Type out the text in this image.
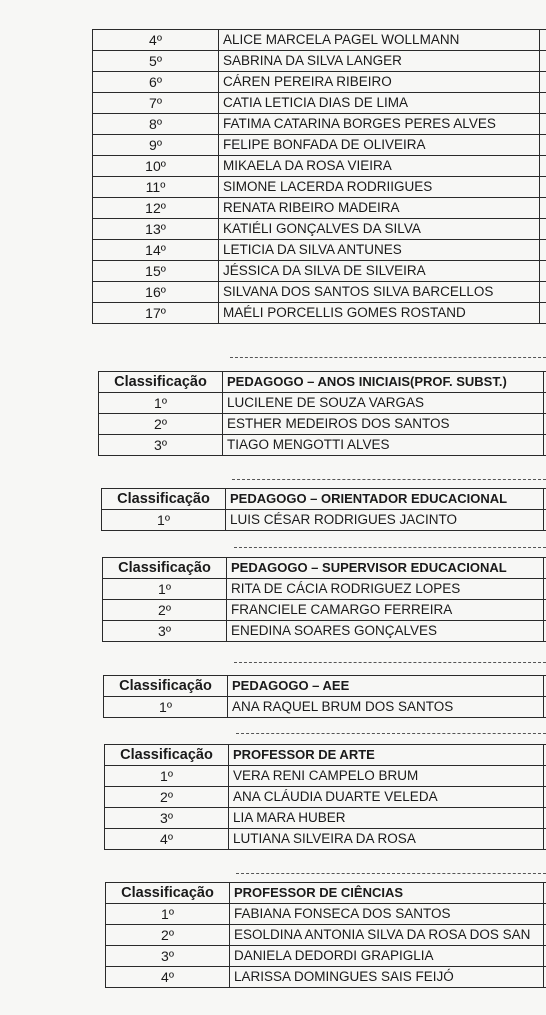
4º	ALICE MARCELA PAGEL WOLLMANN	
5º	SABRINA DA SILVA LANGER	
6º	CÁREN PEREIRA RIBEIRO	
7º	CATIA LETICIA DIAS DE LIMA	
8º	FATIMA CATARINA BORGES PERES ALVES	
9º	FELIPE BONFADA DE OLIVEIRA	
10º	MIKAELA DA ROSA VIEIRA	
11º	SIMONE LACERDA RODRIIGUES	
12º	RENATA RIBEIRO MADEIRA	
13º	KATIÉLI GONÇALVES DA SILVA	
14º	LETICIA DA SILVA ANTUNES	
15º	JÉSSICA DA SILVA DE SILVEIRA	
16º	SILVANA DOS SANTOS SILVA BARCELLOS	
17º	MAÉLI PORCELLIS GOMES ROSTAND	
Classificação	PEDAGOGO – ANOS INICIAIS(PROF. SUBST.)	
1º	LUCILENE DE SOUZA VARGAS	
2º	ESTHER MEDEIROS DOS SANTOS	
3º	TIAGO MENGOTTI ALVES	
Classificação	PEDAGOGO – ORIENTADOR EDUCACIONAL	
1º	LUIS CÉSAR RODRIGUES JACINTO	
Classificação	PEDAGOGO – SUPERVISOR EDUCACIONAL	
1º	RITA DE CÁCIA RODRIGUEZ LOPES	
2º	FRANCIELE CAMARGO FERREIRA	
3º	ENEDINA SOARES GONÇALVES	
Classificação	PEDAGOGO – AEE	
1º	ANA RAQUEL BRUM DOS SANTOS	
Classificação	PROFESSOR DE ARTE	
1º	VERA RENI CAMPELO BRUM	
2º	ANA CLÁUDIA DUARTE VELEDA	
3º	LIA MARA HUBER	
4º	LUTIANA SILVEIRA DA ROSA	
Classificação	PROFESSOR DE CIÊNCIAS	
1º	FABIANA FONSECA DOS SANTOS	
2º	ESOLDINA ANTONIA SILVA DA ROSA DOS SAN	
3º	DANIELA DEDORDI GRAPIGLIA	
4º	LARISSA DOMINGUES SAIS FEIJÓ	
